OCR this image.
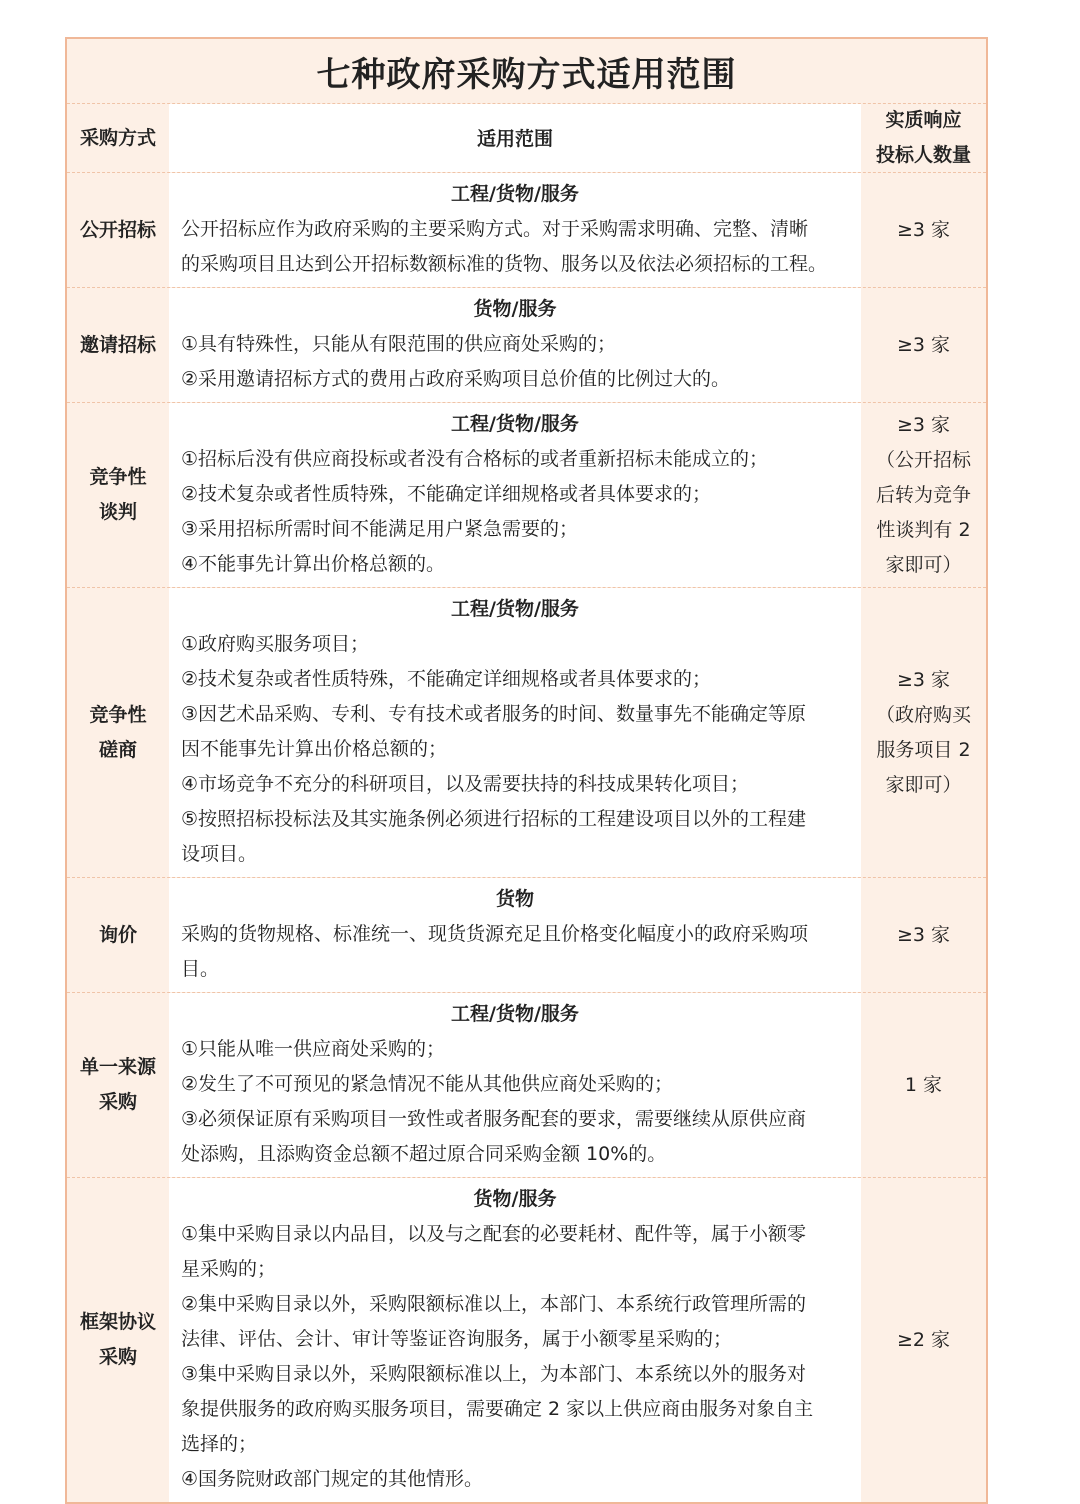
七种政府采购方式适用范围
采购方式	适用范围
实质响应
投标人数量
公开招标
工程/货物/服务
公开招标应作为政府采购的主要采购方式。对于采购需求明确、完整、清晰
的采购项目且达到公开招标数额标准的货物、服务以及依法必须招标的工程。
≥3 家
邀请招标
货物/服务
①具有特殊性，只能从有限范围的供应商处采购的；
②采用邀请招标方式的费用占政府采购项目总价值的比例过大的。
≥3 家
竞争性
谈判
工程/货物/服务
①招标后没有供应商投标或者没有合格标的或者重新招标未能成立的；
②技术复杂或者性质特殊，不能确定详细规格或者具体要求的；
③采用招标所需时间不能满足用户紧急需要的；
④不能事先计算出价格总额的。
≥3 家
（公开招标
后转为竞争
性谈判有 2
家即可）
竞争性
磋商
工程/货物/服务
①政府购买服务项目；
②技术复杂或者性质特殊，不能确定详细规格或者具体要求的；
③因艺术品采购、专利、专有技术或者服务的时间、数量事先不能确定等原
因不能事先计算出价格总额的；
④市场竞争不充分的科研项目，以及需要扶持的科技成果转化项目；
⑤按照招标投标法及其实施条例必须进行招标的工程建设项目以外的工程建
设项目。
≥3 家
（政府购买
服务项目 2
家即可）
询价
货物
采购的货物规格、标准统一、现货货源充足且价格变化幅度小的政府采购项
目。
≥3 家
单一来源
采购
工程/货物/服务
①只能从唯一供应商处采购的；
②发生了不可预见的紧急情况不能从其他供应商处采购的；
③必须保证原有采购项目一致性或者服务配套的要求，需要继续从原供应商
处添购，且添购资金总额不超过原合同采购金额 10%的。
1 家
框架协议
采购
货物/服务
①集中采购目录以内品目，以及与之配套的必要耗材、配件等，属于小额零
星采购的；
②集中采购目录以外，采购限额标准以上，本部门、本系统行政管理所需的
法律、评估、会计、审计等鉴证咨询服务，属于小额零星采购的；
③集中采购目录以外，采购限额标准以上，为本部门、本系统以外的服务对
象提供服务的政府购买服务项目，需要确定 2 家以上供应商由服务对象自主
选择的；
④国务院财政部门规定的其他情形。
≥2 家
